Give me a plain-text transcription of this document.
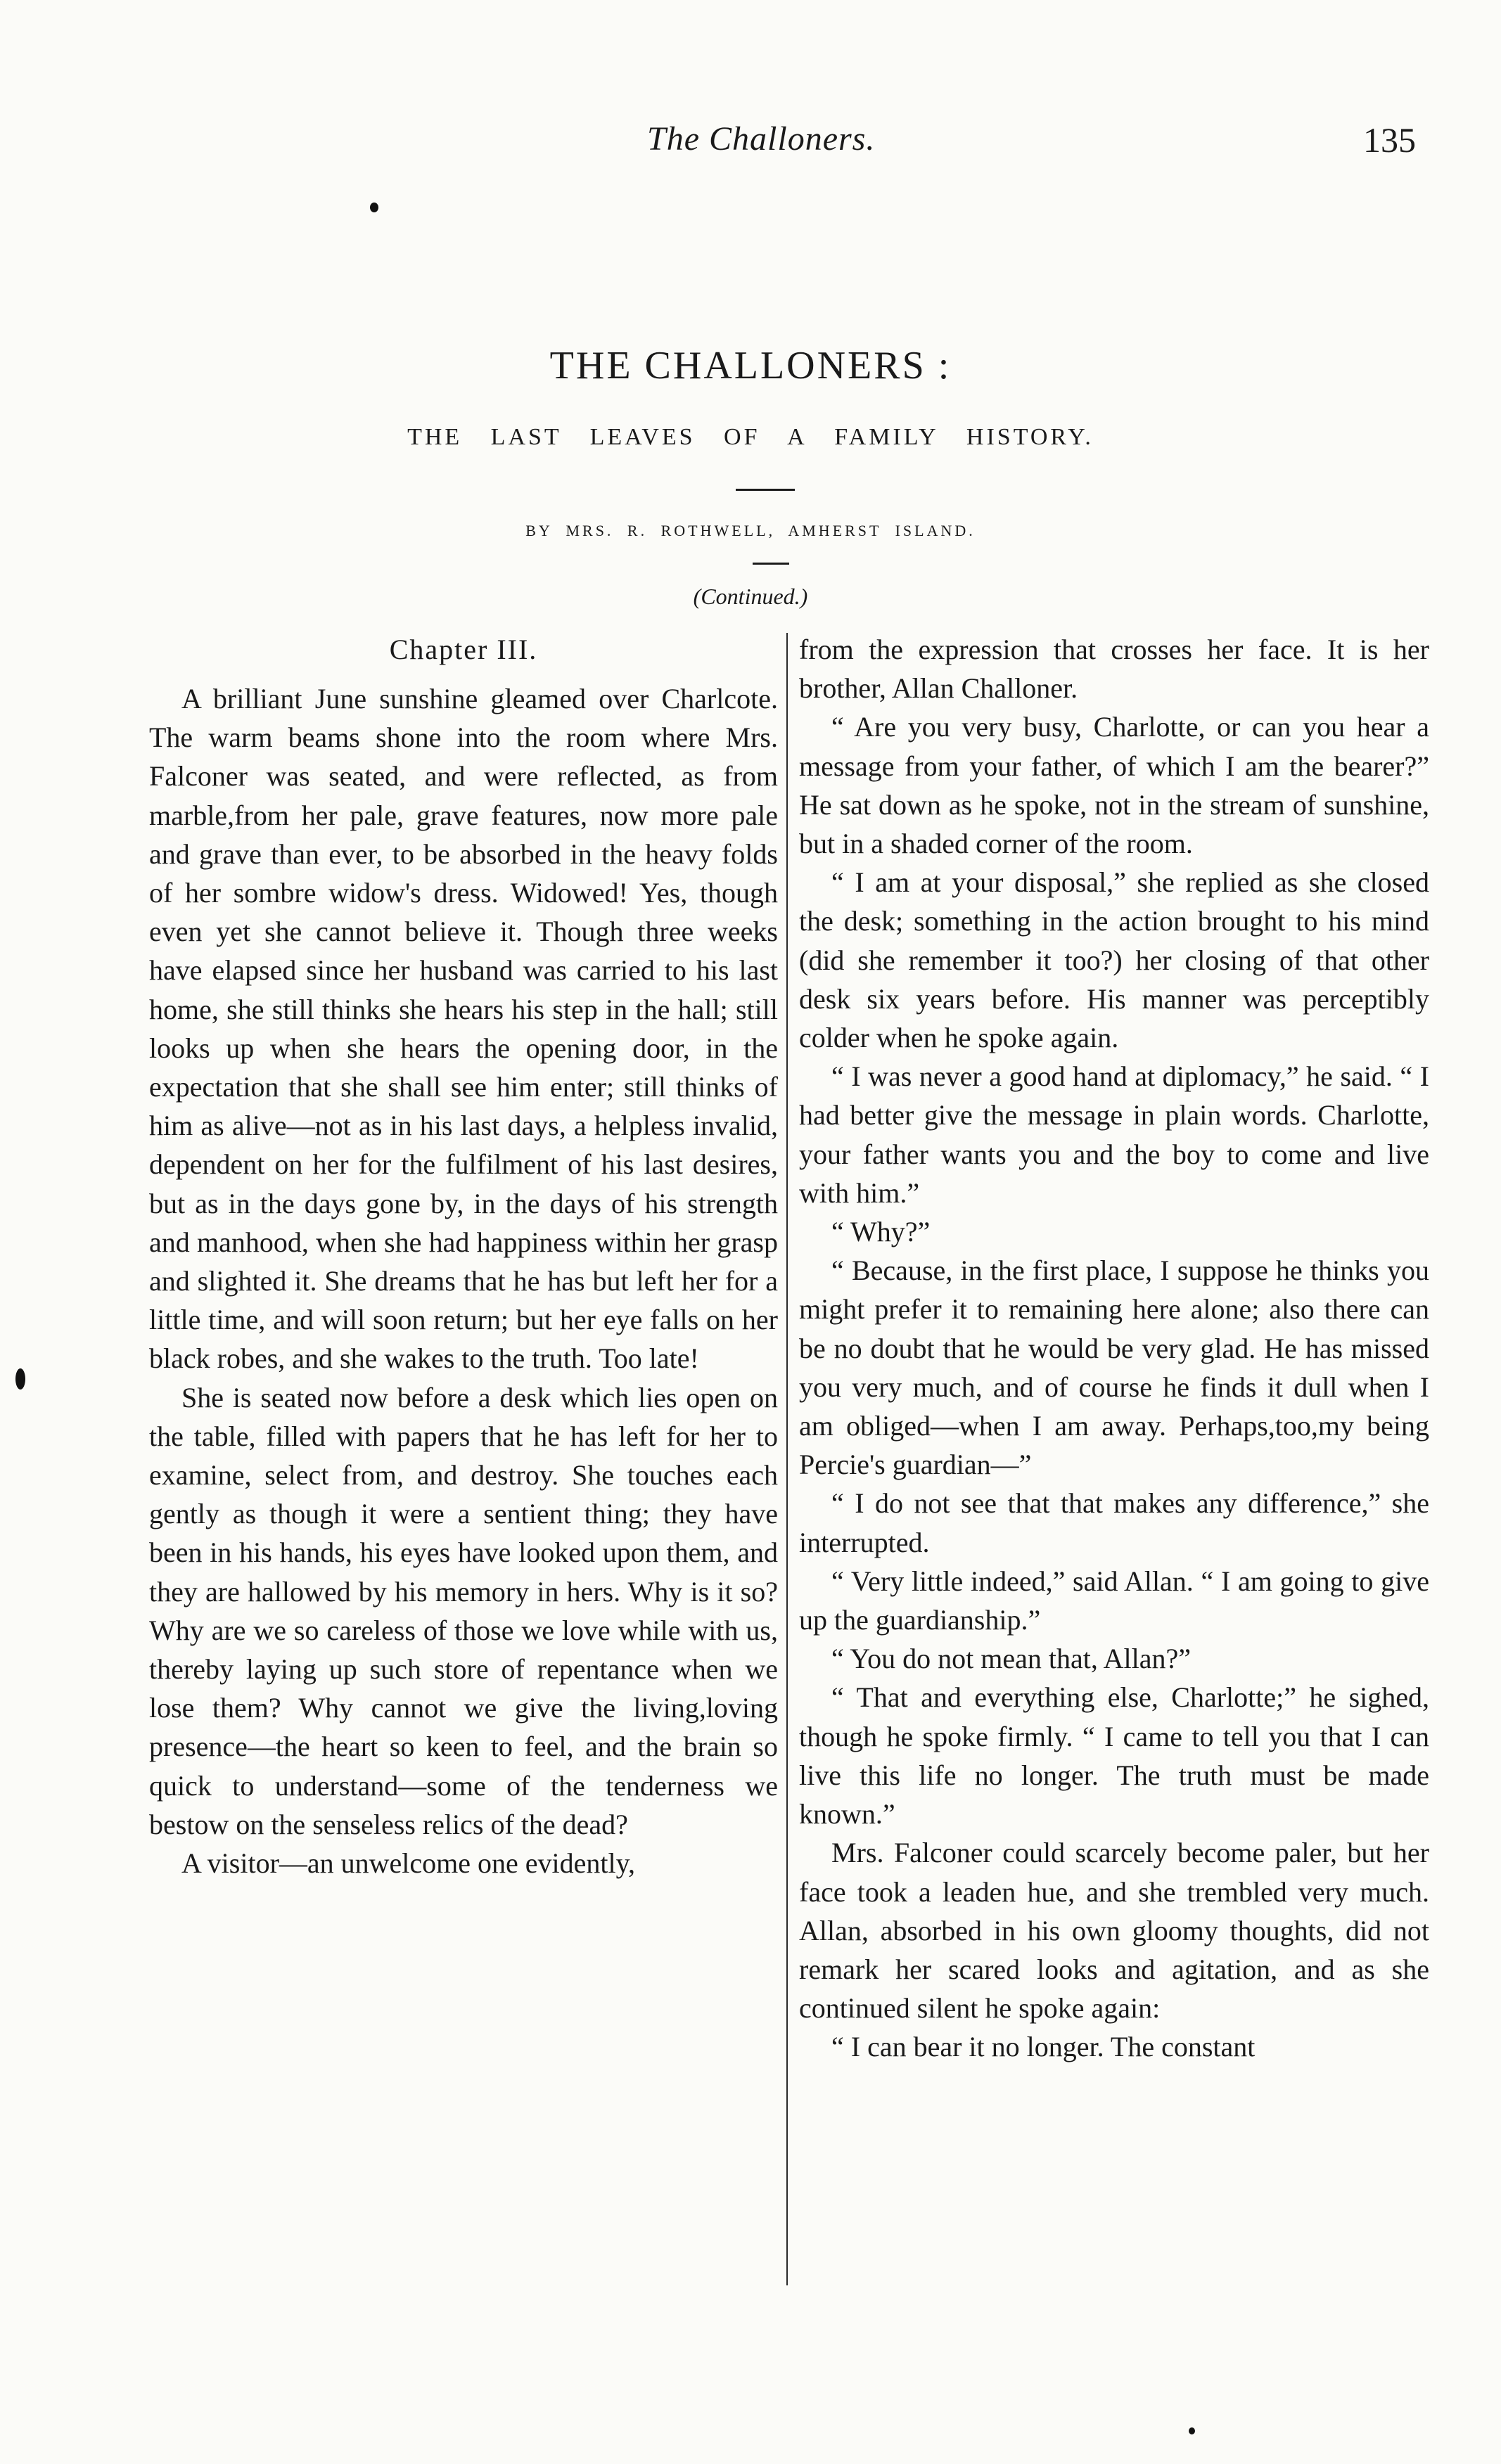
The Challoners.	135
THE CHALLONERS :
THE LAST LEAVES OF A FAMILY HISTORY.
BY MRS. R. ROTHWELL, AMHERST ISLAND.
(Continued.)
Chapter III.

A brilliant June sunshine gleamed over Charlcote. The warm beams shone into the room where Mrs. Falconer was seated, and were reflected, as from marble,from her pale, grave features, now more pale and grave than ever, to be absorbed in the heavy folds of her sombre widow's dress. Widowed! Yes, though even yet she cannot believe it. Though three weeks have elapsed since her husband was carried to his last home, she still thinks she hears his step in the hall; still looks up when she hears the opening door, in the expectation that she shall see him enter; still thinks of him as alive—not as in his last days, a helpless invalid, dependent on her for the fulfilment of his last desires, but as in the days gone by, in the days of his strength and manhood, when she had happiness within her grasp and slighted it. She dreams that he has but left her for a little time, and will soon return; but her eye falls on her black robes, and she wakes to the truth. Too late!

She is seated now before a desk which lies open on the table, filled with papers that he has left for her to examine, select from, and destroy. She touches each gently as though it were a sentient thing; they have been in his hands, his eyes have looked upon them, and they are hallowed by his memory in hers. Why is it so? Why are we so careless of those we love while with us, thereby laying up such store of repentance when we lose them? Why cannot we give the living,loving presence—the heart so keen to feel, and the brain so quick to understand—some of the tenderness we bestow on the senseless relics of the dead?

A visitor—an unwelcome one evidently,

from the expression that crosses her face. It is her brother, Allan Challoner.

“ Are you very busy, Charlotte, or can you hear a message from your father, of which I am the bearer?” He sat down as he spoke, not in the stream of sunshine, but in a shaded corner of the room.

“ I am at your disposal,” she replied as she closed the desk; something in the action brought to his mind (did she remember it too?) her closing of that other desk six years before. His manner was perceptibly colder when he spoke again.

“ I was never a good hand at diplomacy,” he said. “ I had better give the message in plain words. Charlotte, your father wants you and the boy to come and live with him.”

“ Why?”

“ Because, in the first place, I suppose he thinks you might prefer it to remaining here alone; also there can be no doubt that he would be very glad. He has missed you very much, and of course he finds it dull when I am obliged—when I am away. Perhaps,too,my being Percie's guardian—”

“ I do not see that that makes any difference,” she interrupted.

“ Very little indeed,” said Allan. “ I am going to give up the guardianship.”

“ You do not mean that, Allan?”

“ That and everything else, Charlotte;” he sighed, though he spoke firmly. “ I came to tell you that I can live this life no longer. The truth must be made known.”

Mrs. Falconer could scarcely become paler, but her face took a leaden hue, and she trembled very much. Allan, absorbed in his own gloomy thoughts, did not remark her scared looks and agitation, and as she continued silent he spoke again:

“ I can bear it no longer. The constant
